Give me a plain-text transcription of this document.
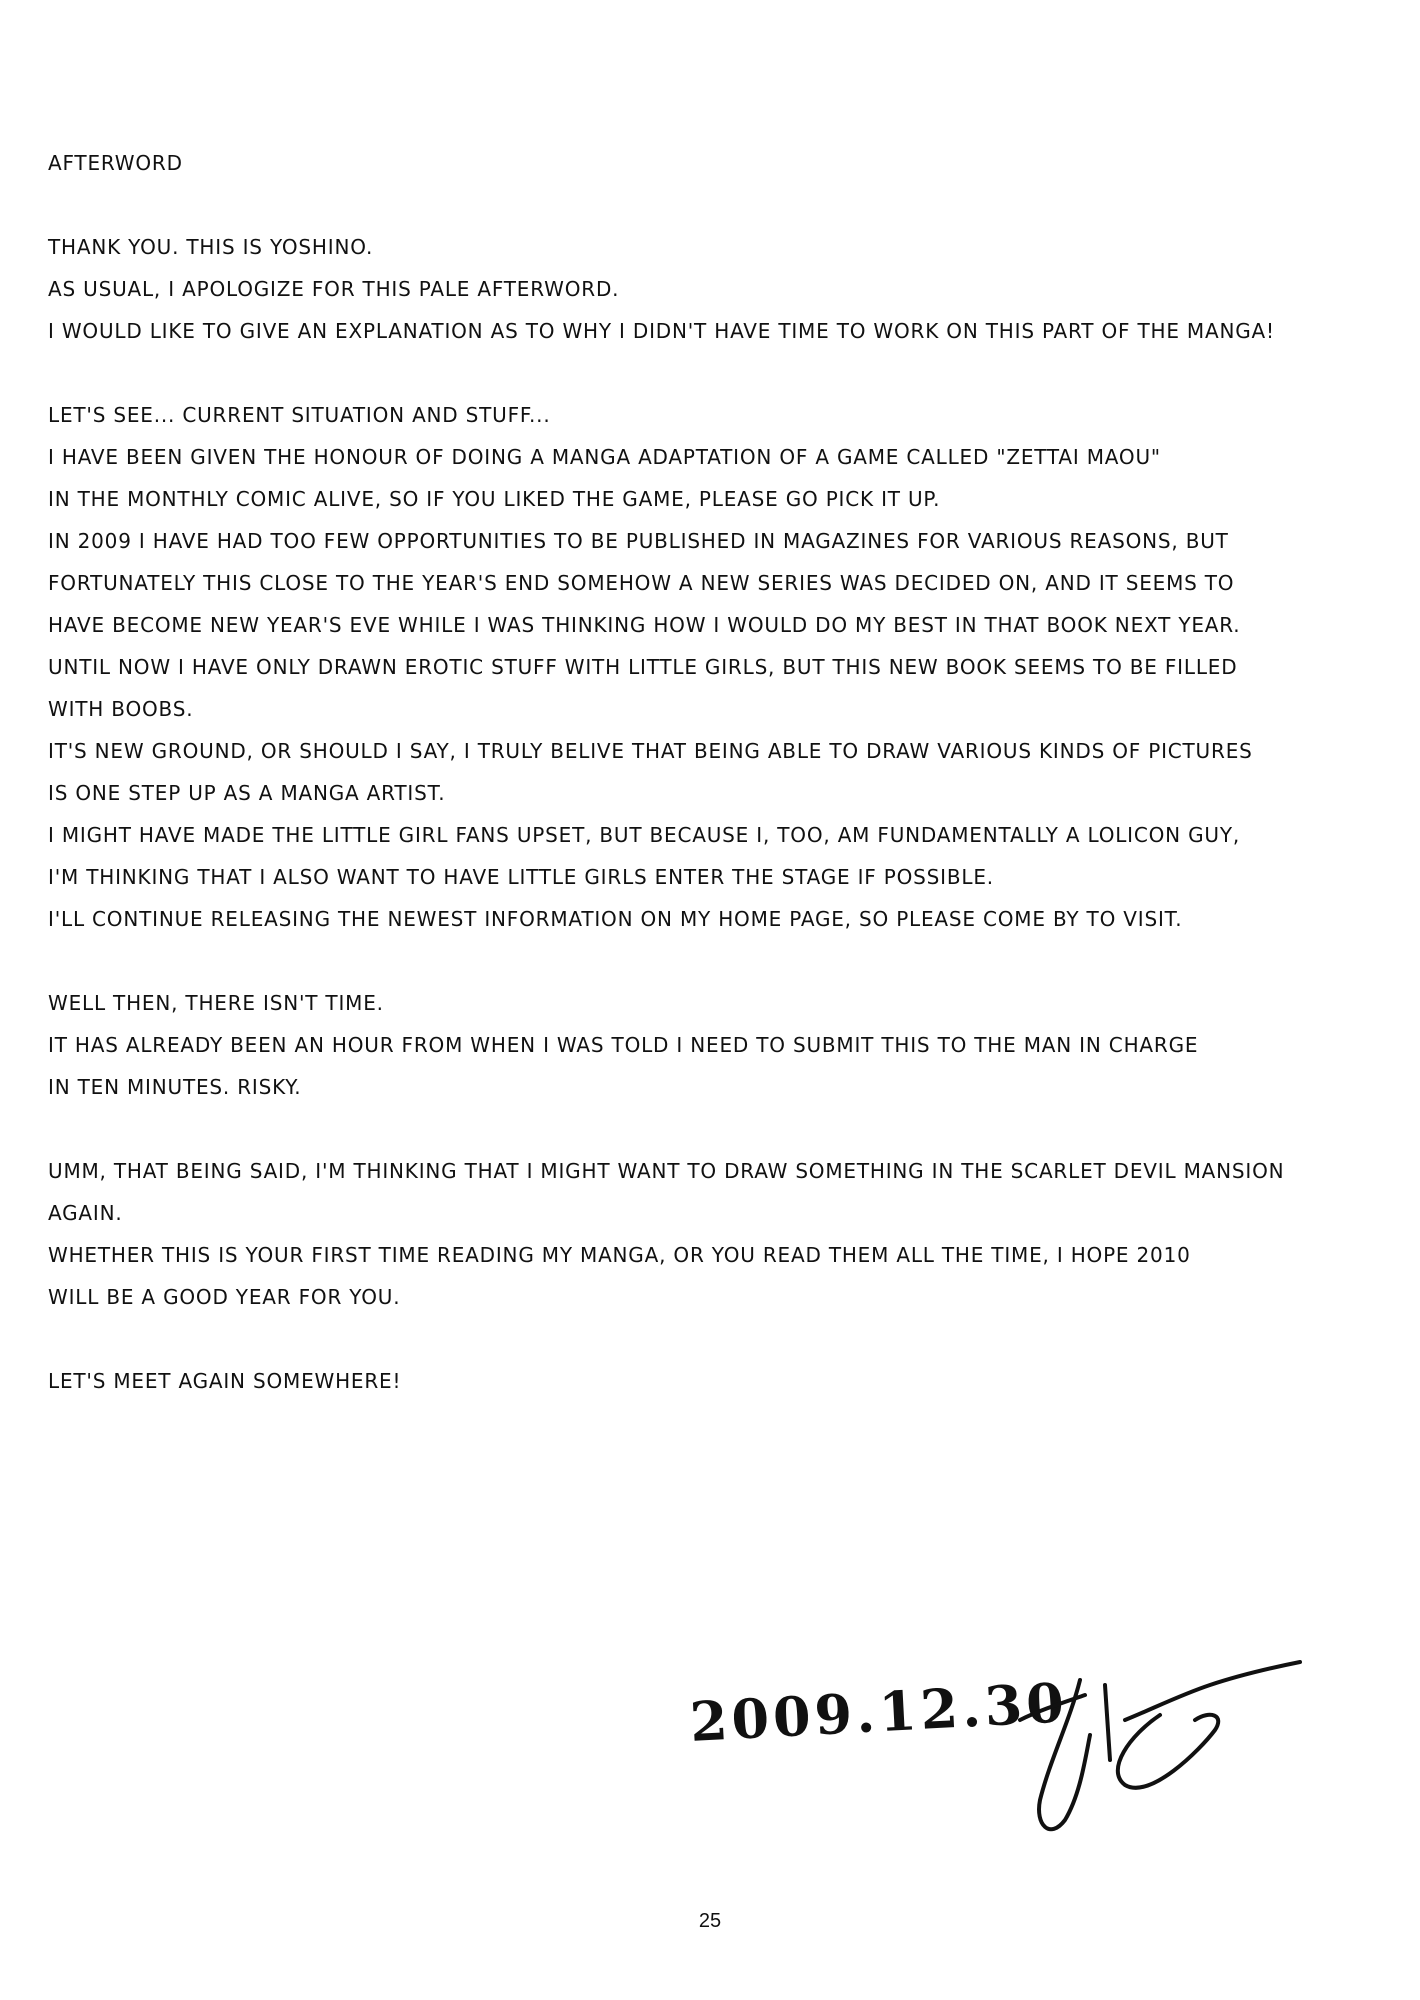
AFTERWORD
THANK YOU. THIS IS YOSHINO.
AS USUAL, I APOLOGIZE FOR THIS PALE AFTERWORD.
I WOULD LIKE TO GIVE AN EXPLANATION AS TO WHY I DIDN'T HAVE TIME TO WORK ON THIS PART OF THE MANGA!
LET'S SEE... CURRENT SITUATION AND STUFF...
I HAVE BEEN GIVEN THE HONOUR OF DOING A MANGA ADAPTATION OF A GAME CALLED "ZETTAI MAOU"
IN THE MONTHLY COMIC ALIVE, SO IF YOU LIKED THE GAME, PLEASE GO PICK IT UP.
IN 2009 I HAVE HAD TOO FEW OPPORTUNITIES TO BE PUBLISHED IN MAGAZINES FOR VARIOUS REASONS, BUT
FORTUNATELY THIS CLOSE TO THE YEAR'S END SOMEHOW A NEW SERIES WAS DECIDED ON, AND IT SEEMS TO
HAVE BECOME NEW YEAR'S EVE WHILE I WAS THINKING HOW I WOULD DO MY BEST IN THAT BOOK NEXT YEAR.
UNTIL NOW I HAVE ONLY DRAWN EROTIC STUFF WITH LITTLE GIRLS, BUT THIS NEW BOOK SEEMS TO BE FILLED
WITH BOOBS.
IT'S NEW GROUND, OR SHOULD I SAY, I TRULY BELIVE THAT BEING ABLE TO DRAW VARIOUS KINDS OF PICTURES
IS ONE STEP UP AS A MANGA ARTIST.
I MIGHT HAVE MADE THE LITTLE GIRL FANS UPSET, BUT BECAUSE I, TOO, AM FUNDAMENTALLY A LOLICON GUY,
I'M THINKING THAT I ALSO WANT TO HAVE LITTLE GIRLS ENTER THE STAGE IF POSSIBLE.
I'LL CONTINUE RELEASING THE NEWEST INFORMATION ON MY HOME PAGE, SO PLEASE COME BY TO VISIT.
WELL THEN, THERE ISN'T TIME.
IT HAS ALREADY BEEN AN HOUR FROM WHEN I WAS TOLD I NEED TO SUBMIT THIS TO THE MAN IN CHARGE
IN TEN MINUTES. RISKY.
UMM, THAT BEING SAID, I'M THINKING THAT I MIGHT WANT TO DRAW SOMETHING IN THE SCARLET DEVIL MANSION
AGAIN.
WHETHER THIS IS YOUR FIRST TIME READING MY MANGA, OR YOU READ THEM ALL THE TIME, I HOPE 2010
WILL BE A GOOD YEAR FOR YOU.
LET'S MEET AGAIN SOMEWHERE!
2009.12.30
25
